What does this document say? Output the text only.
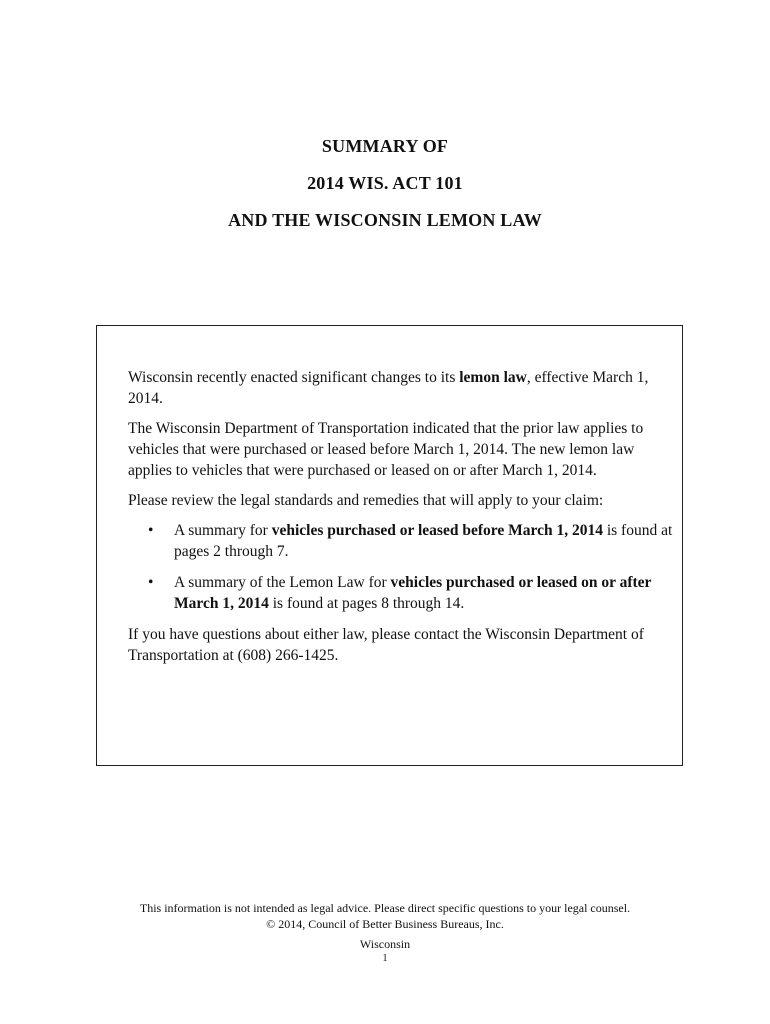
SUMMARY OF
2014 WIS. ACT 101
AND THE WISCONSIN LEMON LAW

Wisconsin recently enacted significant changes to its lemon law, effective March 1, 2014.

The Wisconsin Department of Transportation indicated that the prior law applies to vehicles that were purchased or leased before March 1, 2014. The new lemon law applies to vehicles that were purchased or leased on or after March 1, 2014.

Please review the legal standards and remedies that will apply to your claim:

• A summary for vehicles purchased or leased before March 1, 2014 is found at pages 2 through 7.
• A summary of the Lemon Law for vehicles purchased or leased on or after March 1, 2014 is found at pages 8 through 14.

If you have questions about either law, please contact the Wisconsin Department of Transportation at (608) 266-1425.

This information is not intended as legal advice. Please direct specific questions to your legal counsel.
© 2014, Council of Better Business Bureaus, Inc.
Wisconsin
1
